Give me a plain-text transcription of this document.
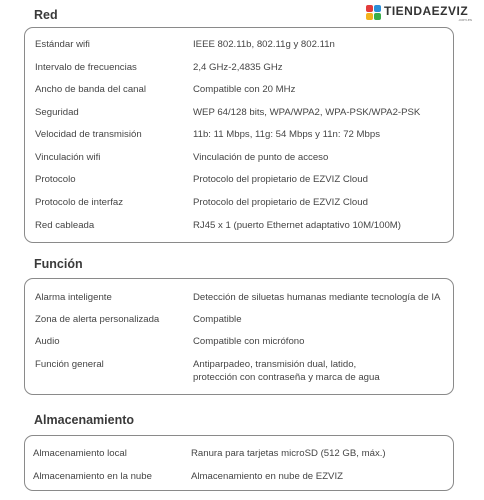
TIENDAEZVIZ
.com.es
Red
Estándar wifi	IEEE 802.11b, 802.11g y 802.11n
Intervalo de frecuencias	2,4 GHz-2,4835 GHz
Ancho de banda del canal	Compatible con 20 MHz
Seguridad	WEP 64/128 bits, WPA/WPA2, WPA-PSK/WPA2-PSK
Velocidad de transmisión	11b: 11 Mbps, 11g: 54 Mbps y 11n: 72 Mbps
Vinculación wifi	Vinculación de punto de acceso
Protocolo	Protocolo del propietario de EZVIZ Cloud
Protocolo de interfaz	Protocolo del propietario de EZVIZ Cloud
Red cableada	RJ45 x 1 (puerto Ethernet adaptativo 10M/100M)
Función
Alarma inteligente	Detección de siluetas humanas mediante tecnología de IA
Zona de alerta personalizada	Compatible
Audio	Compatible con micrófono
Función general	Antiparpadeo, transmisión dual, latido,
protección con contraseña y marca de agua
Almacenamiento
Almacenamiento local	Ranura para tarjetas microSD (512 GB, máx.)
Almacenamiento en la nube	Almacenamiento en nube de EZVIZ
